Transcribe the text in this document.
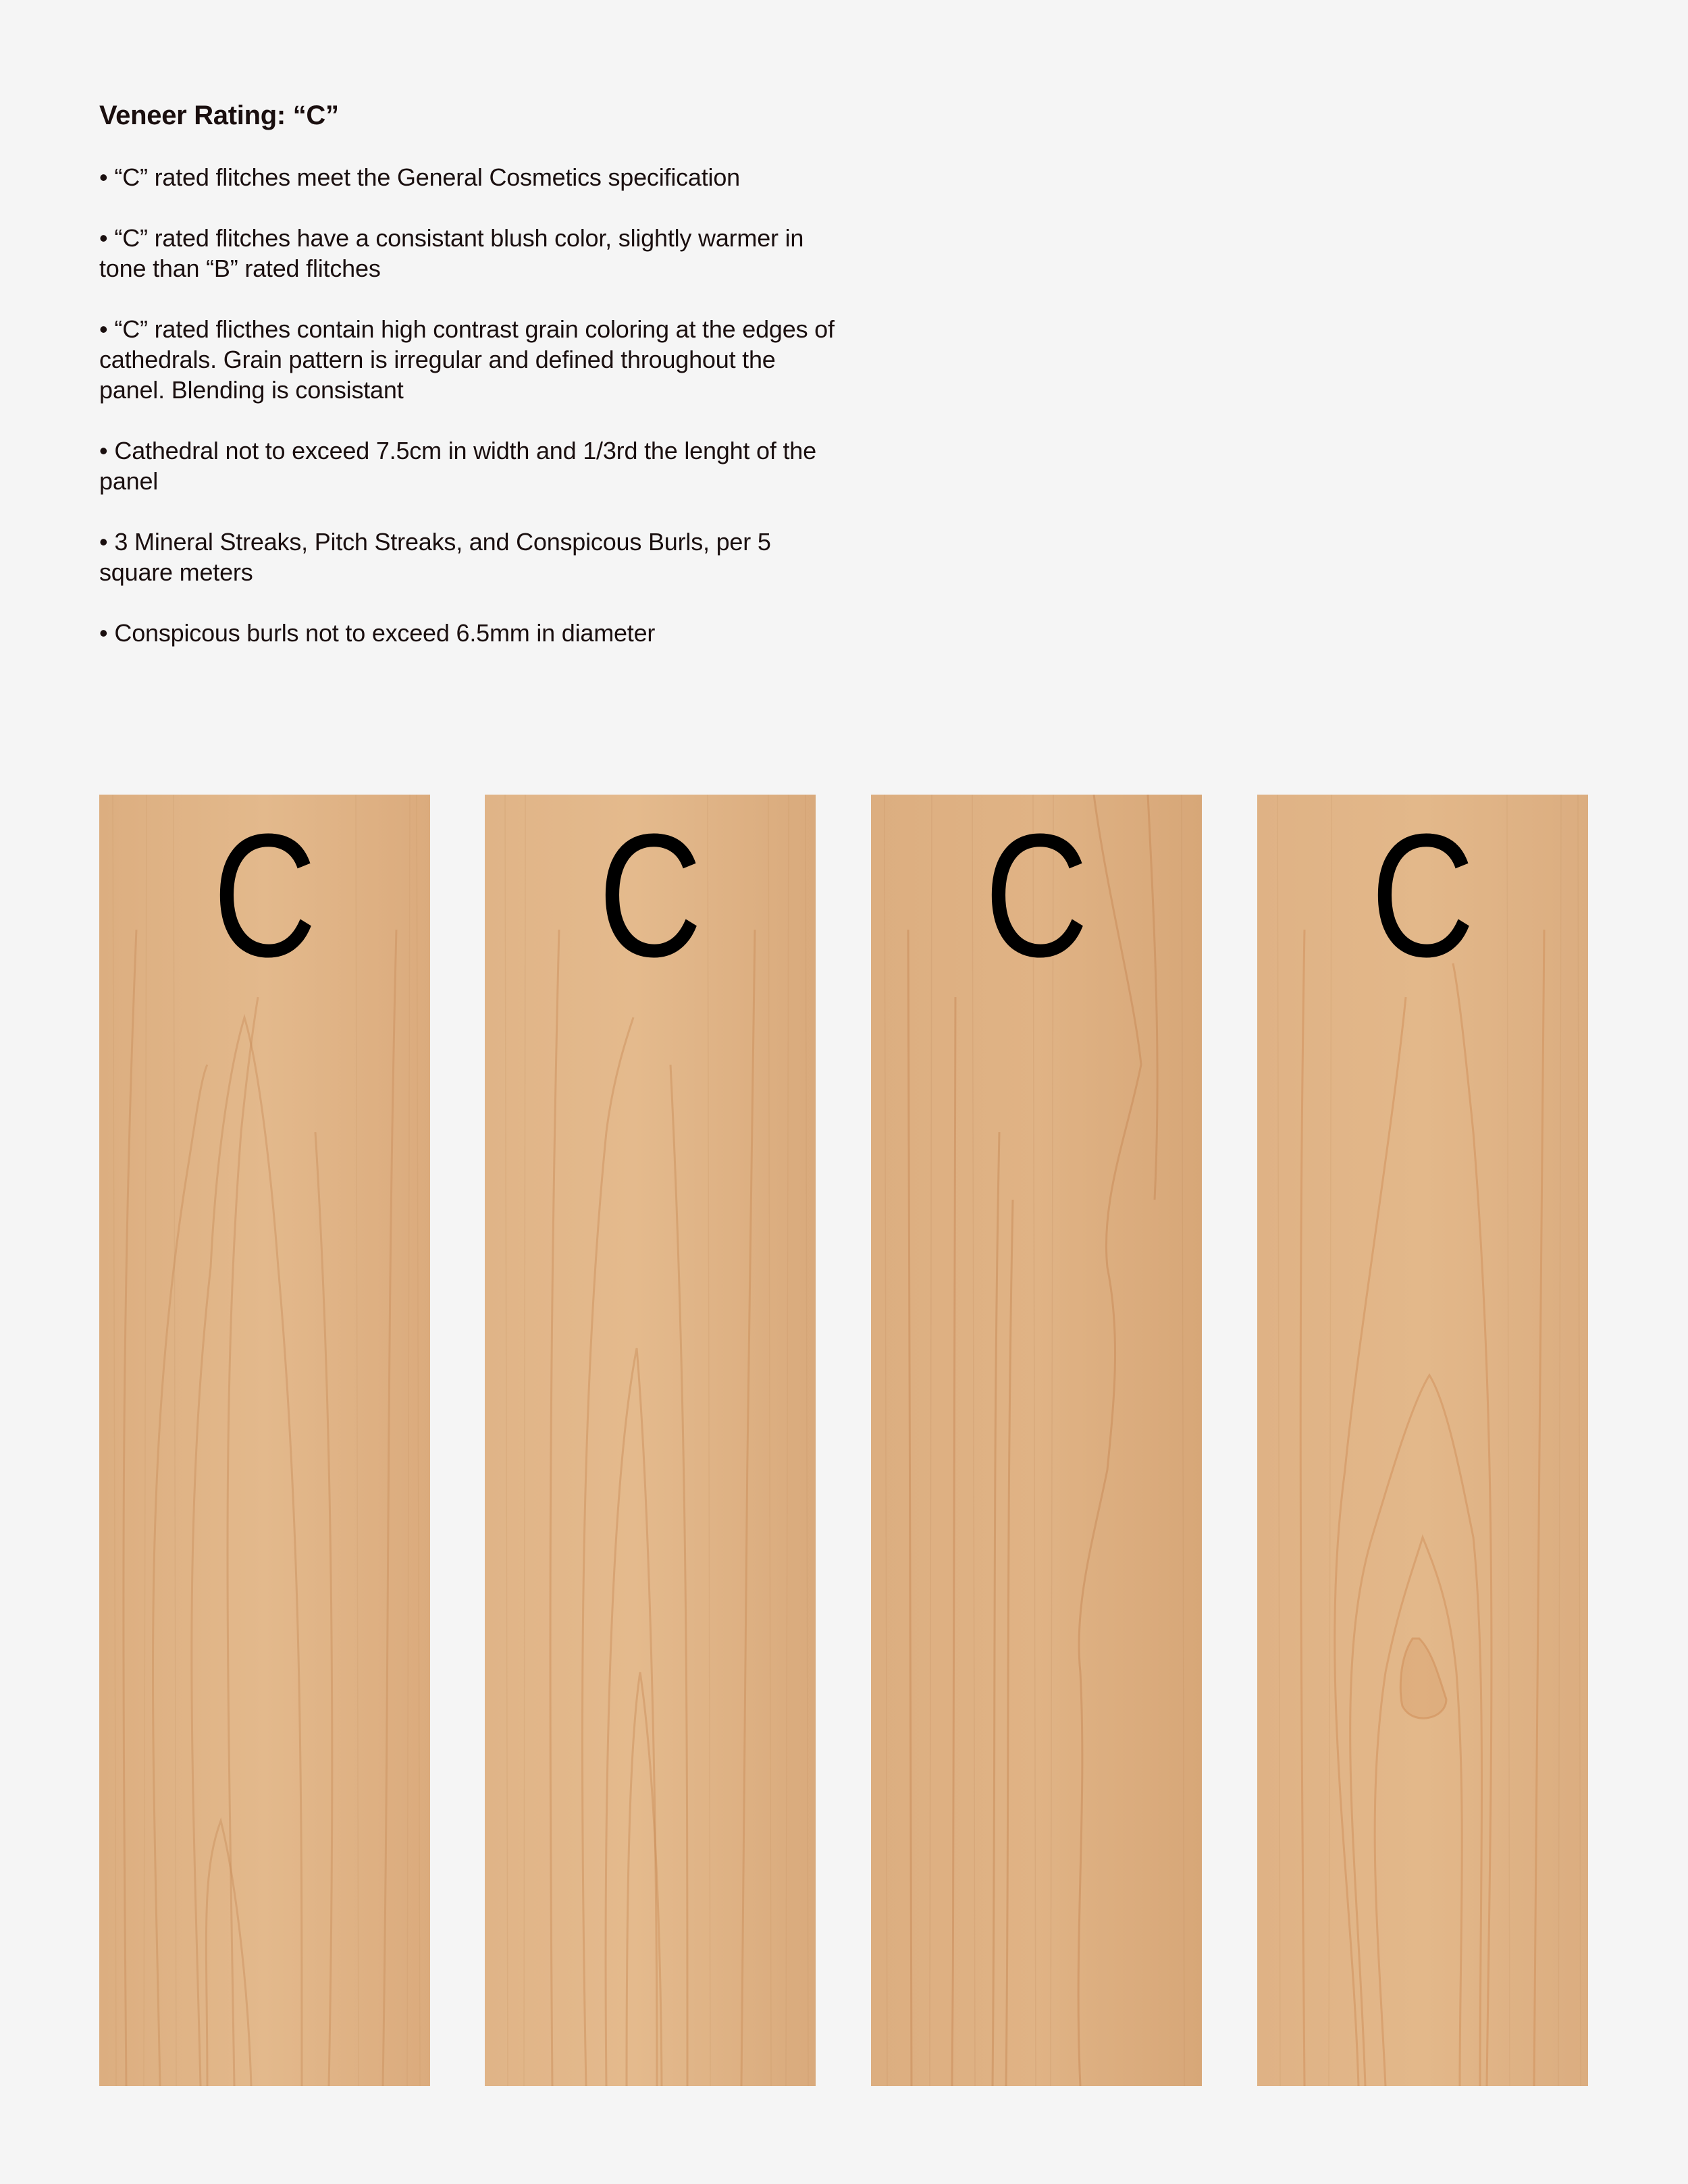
Veneer Rating: “C”
• “C” rated flitches meet the General Cosmetics specification
• “C” rated flitches have a consistant blush color, slightly warmer in tone than “B” rated flitches
• “C” rated flicthes contain high contrast grain coloring at the edges of cathedrals. Grain pattern is irregular and defined throughout the panel. Blending is consistant
• Cathedral not to exceed 7.5cm in width and 1/3rd the lenght of the panel
• 3 Mineral Streaks, Pitch Streaks, and Conspicous Burls, per 5 square meters
• Conspicous burls not to exceed 6.5mm in diameter
C	C	C	C
